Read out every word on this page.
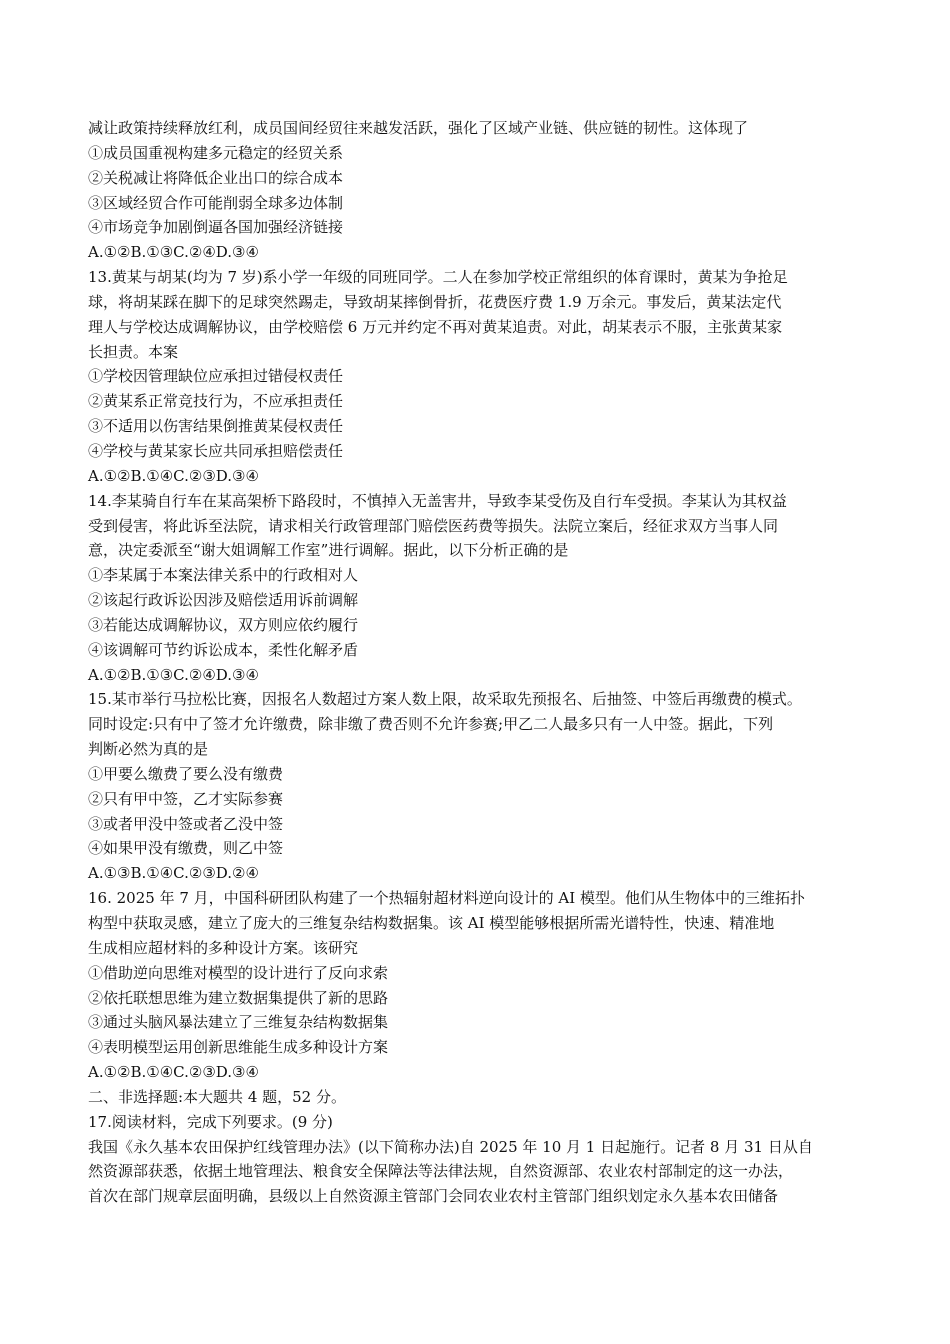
减让政策持续释放红利，成员国间经贸往来越发活跃，强化了区域产业链、供应链的韧性。这体现了
①成员国重视构建多元稳定的经贸关系
②关税减让将降低企业出口的综合成本
③区域经贸合作可能削弱全球多边体制
④市场竞争加剧倒逼各国加强经济链接
A.①②B.①③C.②④D.③④
13.黄某与胡某(均为 7 岁)系小学一年级的同班同学。二人在参加学校正常组织的体育课时，黄某为争抢足
球，将胡某踩在脚下的足球突然踢走，导致胡某摔倒骨折，花费医疗费 1.9 万余元。事发后，黄某法定代
理人与学校达成调解协议，由学校赔偿 6 万元并约定不再对黄某追责。对此，胡某表示不服，主张黄某家
长担责。本案
①学校因管理缺位应承担过错侵权责任
②黄某系正常竞技行为，不应承担责任
③不适用以伤害结果倒推黄某侵权责任
④学校与黄某家长应共同承担赔偿责任
A.①②B.①④C.②③D.③④
14.李某骑自行车在某高架桥下路段时，不慎掉入无盖害井，导致李某受伤及自行车受损。李某认为其权益
受到侵害，将此诉至法院，请求相关行政管理部门赔偿医药费等损失。法院立案后，经征求双方当事人同
意，决定委派至“谢大姐调解工作室”进行调解。据此，以下分析正确的是
①李某属于本案法律关系中的行政相对人
②该起行政诉讼因涉及赔偿适用诉前调解
③若能达成调解协议，双方则应依约履行
④该调解可节约诉讼成本，柔性化解矛盾
A.①②B.①③C.②④D.③④
15.某市举行马拉松比赛，因报名人数超过方案人数上限，故采取先预报名、后抽签、中签后再缴费的模式。
同时设定:只有中了签才允许缴费，除非缴了费否则不允许参赛;甲乙二人最多只有一人中签。据此，下列
判断必然为真的是
①甲要么缴费了要么没有缴费
②只有甲中签，乙才实际参赛
③或者甲没中签或者乙没中签
④如果甲没有缴费，则乙中签
A.①③B.①④C.②③D.②④
16. 2025 年 7 月，中国科研团队构建了一个热辐射超材料逆向设计的 AI 模型。他们从生物体中的三维拓扑
构型中获取灵感，建立了庞大的三维复杂结构数据集。该 AI 模型能够根据所需光谱特性，快速、精准地
生成相应超材料的多种设计方案。该研究
①借助逆向思维对模型的设计进行了反向求索
②依托联想思维为建立数据集提供了新的思路
③通过头脑风暴法建立了三维复杂结构数据集
④表明模型运用创新思维能生成多种设计方案
A.①②B.①④C.②③D.③④
二、非选择题:本大题共 4 题，52 分。
17.阅读材料，完成下列要求。(9 分)
我国《永久基本农田保护红线管理办法》(以下简称办法)自 2025 年 10 月 1 日起施行。记者 8 月 31 日从自
然资源部获悉，依据土地管理法、粮食安全保障法等法律法规，自然资源部、农业农村部制定的这一办法，
首次在部门规章层面明确，县级以上自然资源主管部门会同农业农村主管部门组织划定永久基本农田储备
